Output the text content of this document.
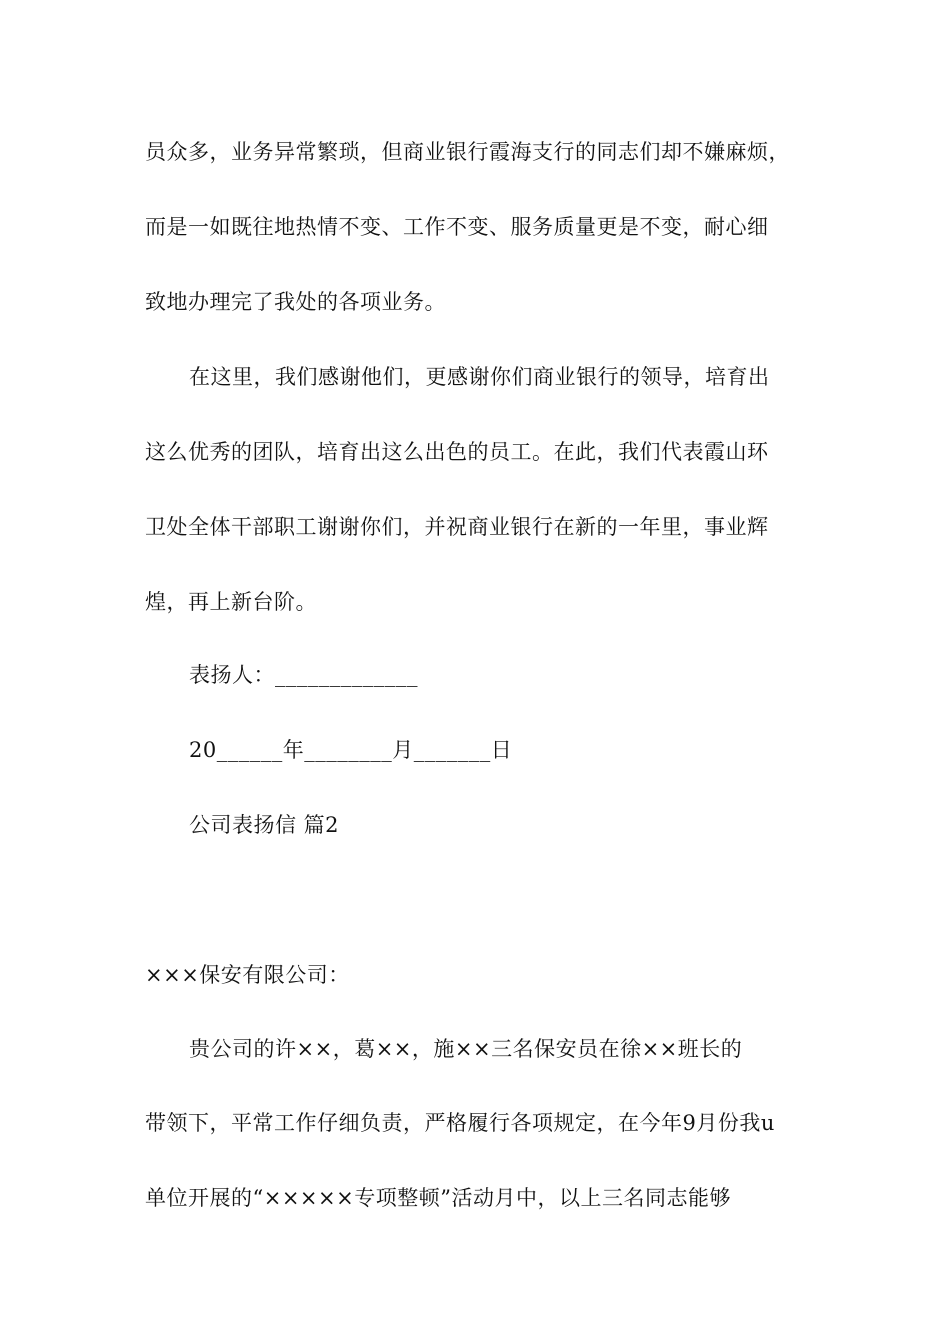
员众多，业务异常繁琐，但商业银行霞海支行的同志们却不嫌麻烦，
而是一如既往地热情不变、工作不变、服务质量更是不变，耐心细
致地办理完了我处的各项业务。
在这里，我们感谢他们，更感谢你们商业银行的领导，培育出
这么优秀的团队，培育出这么出色的员工。在此，我们代表霞山环
卫处全体干部职工谢谢你们，并祝商业银行在新的一年里，事业辉
煌，再上新台阶。
表扬人：_____________
20______年________月_______日
公司表扬信 篇2
×××保安有限公司：
贵公司的许××，葛××，施××三名保安员在徐××班长的
带领下，平常工作仔细负责，严格履行各项规定，在今年9月份我u
单位开展的“×××××专项整顿”活动月中，以上三名同志能够
